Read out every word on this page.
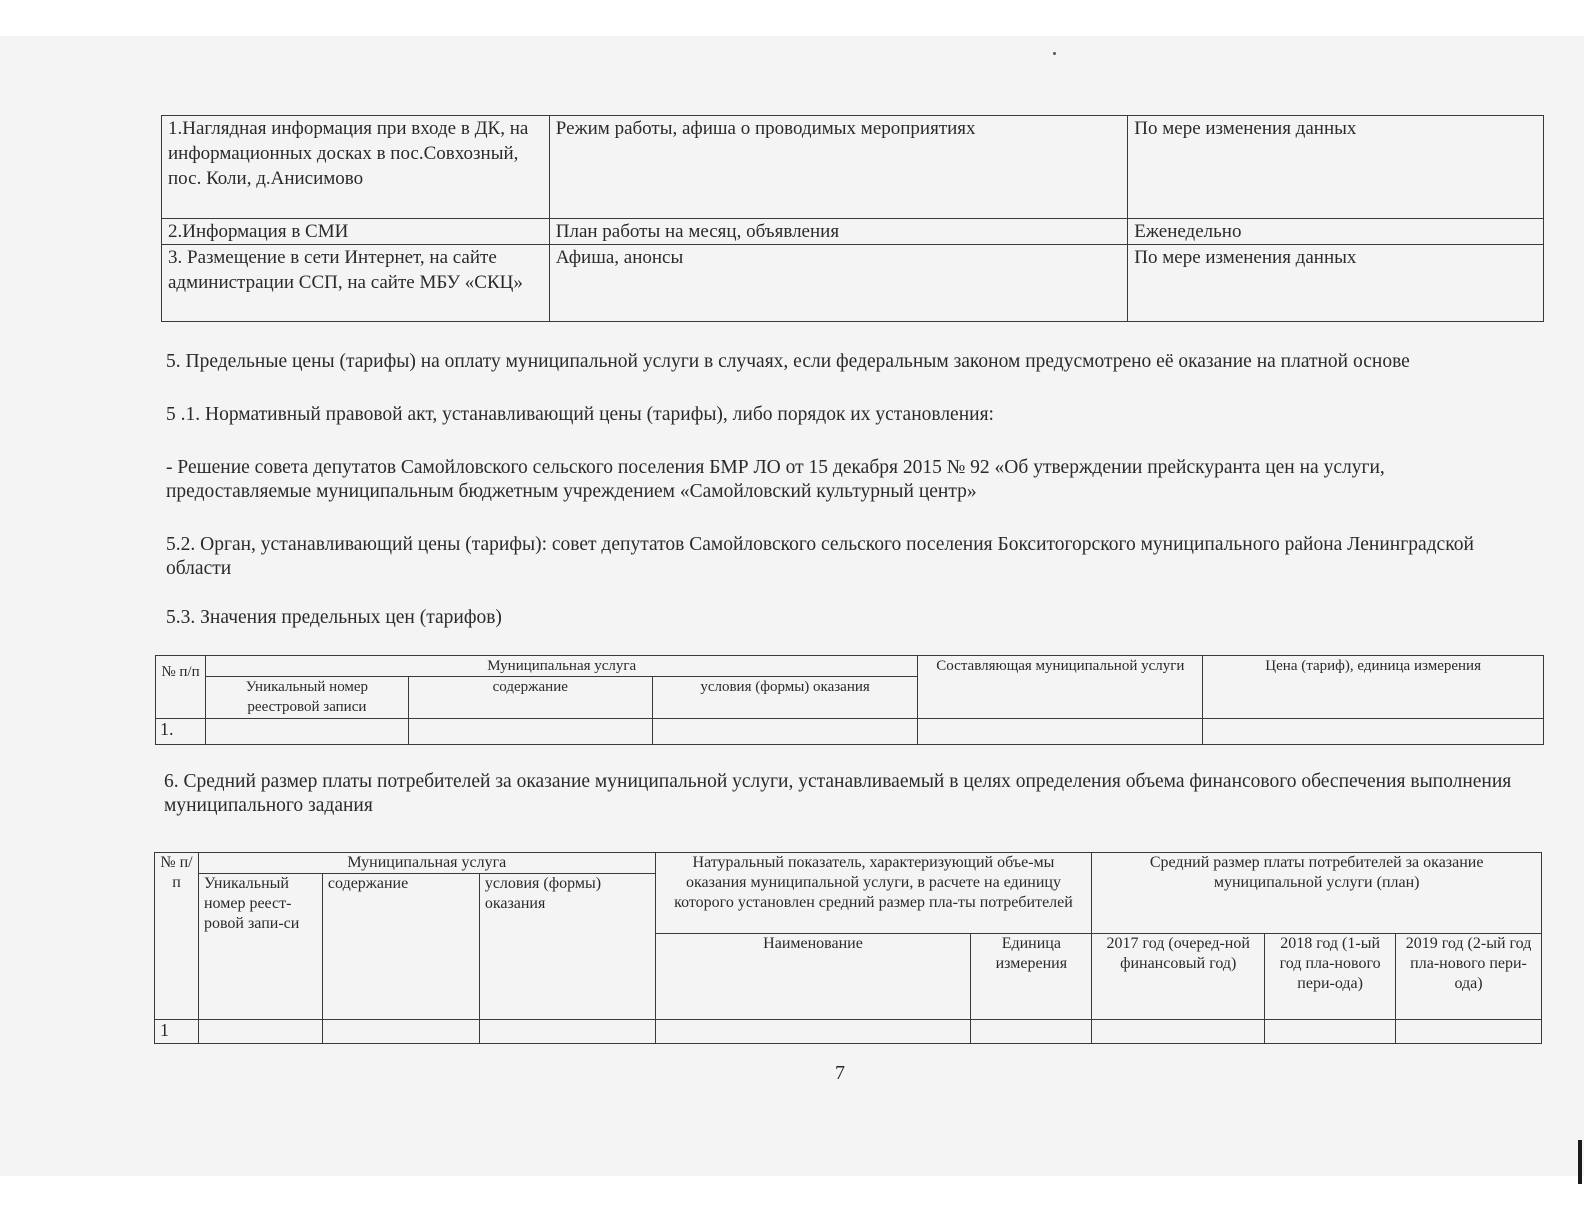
1.Наглядная информация при входе в ДК, на информационных досках в пос.Совхозный, пос. Коли, д.Анисимово	Режим работы, афиша о проводимых мероприятиях	По мере изменения данных
2.Информация в СМИ	План работы на месяц, объявления	Еженедельно
3. Размещение в сети Интернет, на сайте администрации ССП, на сайте МБУ «СКЦ»	Афиша, анонсы	По мере изменения данных

5. Предельные цены (тарифы) на оплату муниципальной услуги в случаях, если федеральным законом предусмотрено её оказание на платной основе

5 .1. Нормативный правовой акт, устанавливающий цены (тарифы), либо порядок их установления:

- Решение совета депутатов Самойловского сельского поселения БМР ЛО от 15 декабря 2015 № 92 «Об утверждении прейскуранта цен на услуги, предоставляемые муниципальным бюджетным учреждением «Самойловский культурный центр»

5.2. Орган, устанавливающий цены (тарифы): совет депутатов Самойловского сельского поселения Бокситогорского муниципального района Ленинградской области

5.3. Значения предельных цен (тарифов)

№ п/п	Муниципальная услуга			Составляющая муниципальной услуги	Цена (тариф), единица измерения
	Уникальный номер реестровой записи	содержание	условия (формы) оказания		
1.					

6. Средний размер платы потребителей за оказание муниципальной услуги, устанавливаемый в целях определения объема финансового обеспечения выполнения муниципального задания

№ п/п	Муниципальная услуга			Натуральный показатель, характеризующий объе-мы оказания муниципальной услуги, в расчете на единицу которого установлен средний размер пла-ты потребителей		Средний размер платы потребителей за оказание муниципальной услуги (план)		
	Уникальный номер реест-ровой запи-си	содержание	условия (формы) оказания					
				Наименование	Единица измерения	2017 год (очеред-ной финансовый год)	2018 год (1-ый год пла-нового пери-ода)	2019 год (2-ый год пла-нового пери-ода)
1								
7
